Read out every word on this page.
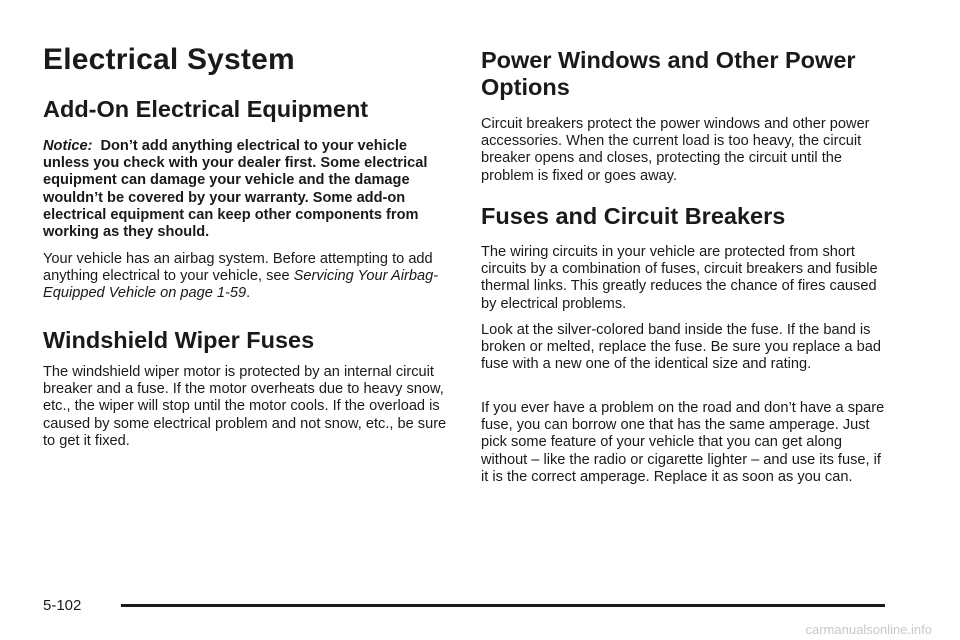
Electrical System
Add-On Electrical Equipment

Notice: Don’t add anything electrical to your vehicle unless you check with your dealer first. Some electrical equipment can damage your vehicle and the damage wouldn’t be covered by your warranty. Some add-on electrical equipment can keep other components from working as they should.

Your vehicle has an airbag system. Before attempting to add anything electrical to your vehicle, see Servicing Your Airbag-Equipped Vehicle on page 1-59.

Windshield Wiper Fuses

The windshield wiper motor is protected by an internal circuit breaker and a fuse. If the motor overheats due to heavy snow, etc., the wiper will stop until the motor cools. If the overload is caused by some electrical problem and not snow, etc., be sure to get it fixed.

Power Windows and Other Power
Options

Circuit breakers protect the power windows and other power accessories. When the current load is too heavy, the circuit breaker opens and closes, protecting the circuit until the problem is fixed or goes away.

Fuses and Circuit Breakers

The wiring circuits in your vehicle are protected from short circuits by a combination of fuses, circuit breakers and fusible thermal links. This greatly reduces the chance of fires caused by electrical problems.

Look at the silver-colored band inside the fuse. If the band is broken or melted, replace the fuse. Be sure you replace a bad fuse with a new one of the identical size and rating.

If you ever have a problem on the road and don’t have a spare fuse, you can borrow one that has the same amperage. Just pick some feature of your vehicle that you can get along without – like the radio or cigarette lighter – and use its fuse, if it is the correct amperage. Replace it as soon as you can.

5-102
carmanualsonline.info
